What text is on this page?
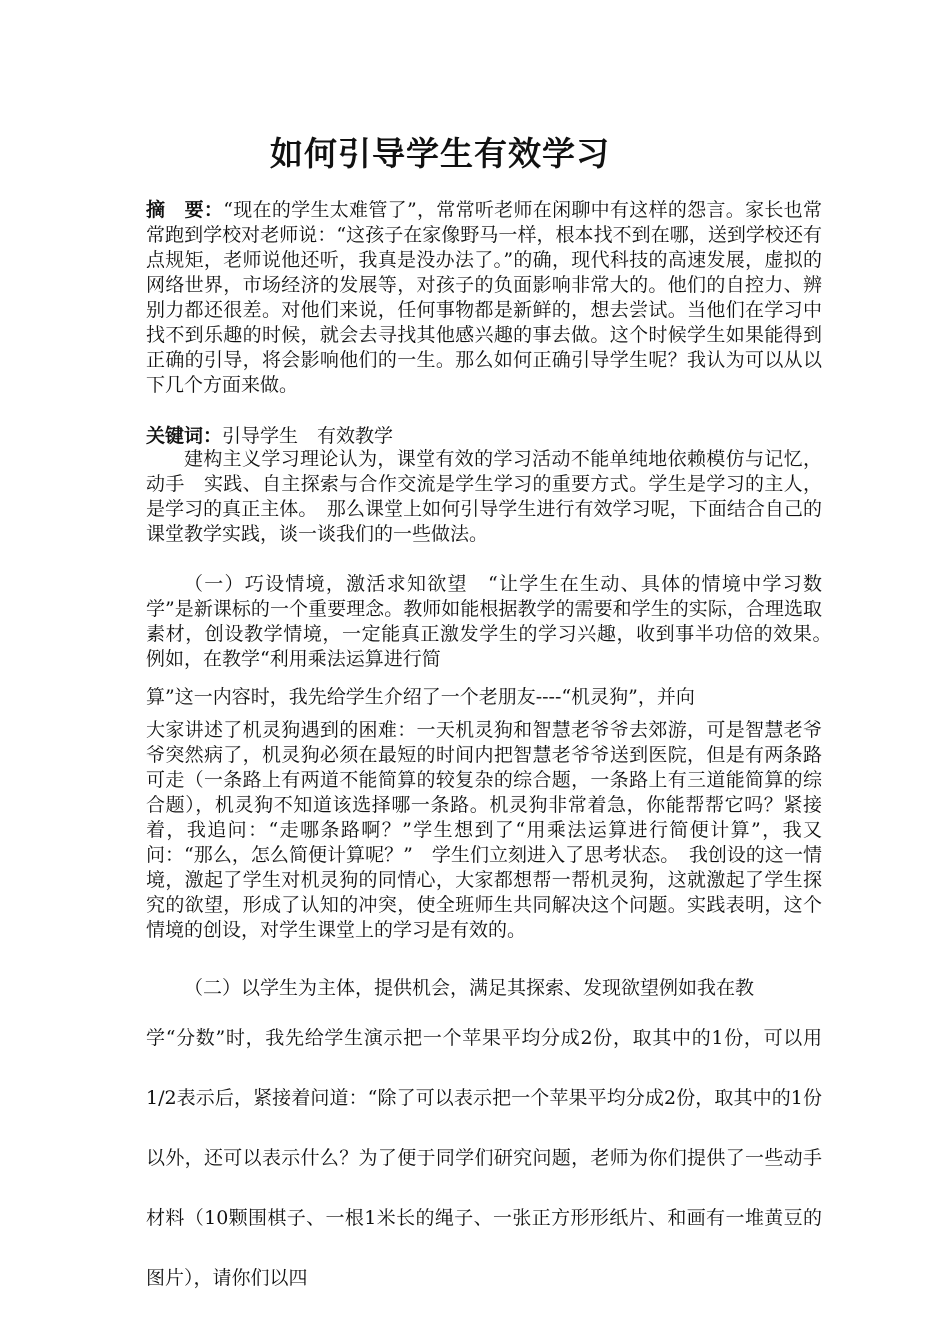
如何引导学生有效学习

摘　要：“现在的学生太难管了”，常常听老师在闲聊中有这样的怨言。家长也常常跑到学校对老师说：“这孩子在家像野马一样，根本找不到在哪，送到学校还有点规矩，老师说他还听，我真是没办法了。”的确，现代科技的高速发展，虚拟的网络世界，市场经济的发展等，对孩子的负面影响非常大的。他们的自控力、辨别力都还很差。对他们来说，任何事物都是新鲜的，想去尝试。当他们在学习中找不到乐趣的时候，就会去寻找其他感兴趣的事去做。这个时候学生如果能得到正确的引导，将会影响他们的一生。那么如何正确引导学生呢？我认为可以从以下几个方面来做。

关键词：引导学生　有效教学

建构主义学习理论认为，课堂有效的学习活动不能单纯地依赖模仿与记忆，动手　实践、自主探索与合作交流是学生学习的重要方式。学生是学习的主人，是学习的真正主体。　那么课堂上如何引导学生进行有效学习呢，下面结合自己的课堂教学实践，谈一谈我们的一些做法。

（一）巧设情境，激活求知欲望　“让学生在生动、具体的情境中学习数学”是新课标的一个重要理念。教师如能根据教学的需要和学生的实际，合理选取素材，创设教学情境，一定能真正激发学生的学习兴趣，收到事半功倍的效果。　例如，在教学“利用乘法运算进行简

算”这一内容时，我先给学生介绍了一个老朋友----“机灵狗”，并向

大家讲述了机灵狗遇到的困难：一天机灵狗和智慧老爷爷去郊游，可是智慧老爷爷突然病了，机灵狗必须在最短的时间内把智慧老爷爷送到医院，但是有两条路可走（一条路上有两道不能简算的较复杂的综合题，一条路上有三道能简算的综合题），机灵狗不知道该选择哪一条路。机灵狗非常着急，你能帮帮它吗？紧接着，我追问：“走哪条路啊？”学生想到了“用乘法运算进行简便计算”，我又问：“那么，怎么简便计算呢？”　学生们立刻进入了思考状态。　我创设的这一情境，激起了学生对机灵狗的同情心，大家都想帮一帮机灵狗，这就激起了学生探究的欲望，形成了认知的冲突，使全班师生共同解决这个问题。实践表明，这个情境的创设，对学生课堂上的学习是有效的。

（二）以学生为主体，提供机会，满足其探索、发现欲望例如我在教

学“分数”时，我先给学生演示把一个苹果平均分成2份，取其中的1份，可以用1/2表示后，紧接着问道：“除了可以表示把一个苹果平均分成2份，取其中的1份以外，还可以表示什么？为了便于同学们研究问题，老师为你们提供了一些动手材料（10颗围棋子、一根1米长的绳子、一张正方形形纸片、和画有一堆黄豆的图片），请你们以四
